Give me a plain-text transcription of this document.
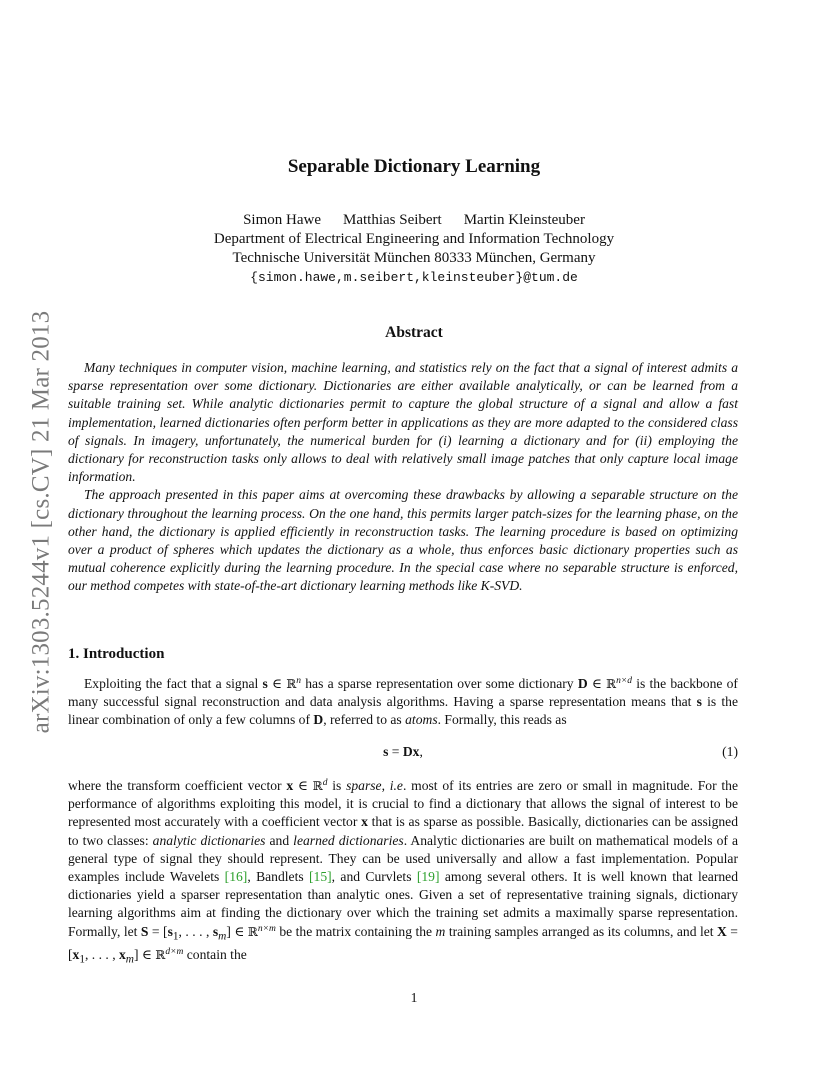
arXiv:1303.5244v1 [cs.CV] 21 Mar 2013
Separable Dictionary Learning
Simon Hawe Matthias Seibert Martin Kleinsteuber
Department of Electrical Engineering and Information Technology
Technische Universität München 80333 München, Germany
{simon.hawe,m.seibert,kleinsteuber}@tum.de
Abstract

Many techniques in computer vision, machine learning, and statistics rely on the fact that a signal of interest admits a sparse representation over some dictionary. Dictionaries are either available analytically, or can be learned from a suitable training set. While analytic dictionaries permit to capture the global structure of a signal and allow a fast implementation, learned dictionaries often perform better in applications as they are more adapted to the considered class of signals. In imagery, unfortunately, the numerical burden for (i) learning a dictionary and for (ii) employing the dictionary for reconstruction tasks only allows to deal with relatively small image patches that only capture local image information.

The approach presented in this paper aims at overcoming these drawbacks by allowing a separable structure on the dictionary throughout the learning process. On the one hand, this permits larger patch-sizes for the learning phase, on the other hand, the dictionary is applied efficiently in reconstruction tasks. The learning procedure is based on optimizing over a product of spheres which updates the dictionary as a whole, thus enforces basic dictionary properties such as mutual coherence explicitly during the learning procedure. In the special case where no separable structure is enforced, our method competes with state-of-the-art dictionary learning methods like K-SVD.

1. Introduction

Exploiting the fact that a signal s ∈ ℝ$^n$ has a sparse representation over some dictionary D ∈ ℝ$^{n\times d}$ is the backbone of many successful signal reconstruction and data analysis algorithms. Having a sparse representation means that s is the linear combination of only a few columns of D, referred to as atoms. Formally, this reads as

s = Dx,	(1)

where the transform coefficient vector x ∈ ℝ$^d$ is sparse, i.e. most of its entries are zero or small in magnitude. For the performance of algorithms exploiting this model, it is crucial to find a dictionary that allows the signal of interest to be represented most accurately with a coefficient vector x that is as sparse as possible. Basically, dictionaries can be assigned to two classes: analytic dictionaries and learned dictionaries. Analytic dictionaries are built on mathematical models of a general type of signal they should represent. They can be used universally and allow a fast implementation. Popular examples include Wavelets [16], Bandlets [15], and Curvlets [19] among several others. It is well known that learned dictionaries yield a sparser representation than analytic ones. Given a set of representative training signals, dictionary learning algorithms aim at finding the dictionary over which the training set admits a maximally sparse representation. Formally, let $S = [s_1$, . . . , $s_m$] ∈ ℝ$^{n\times m}$ be the matrix containing the m training samples arranged as its columns, and let $X = [x_1$, . . . , $x_m$] ∈ ℝ$^{d\times m}$ contain the

1
